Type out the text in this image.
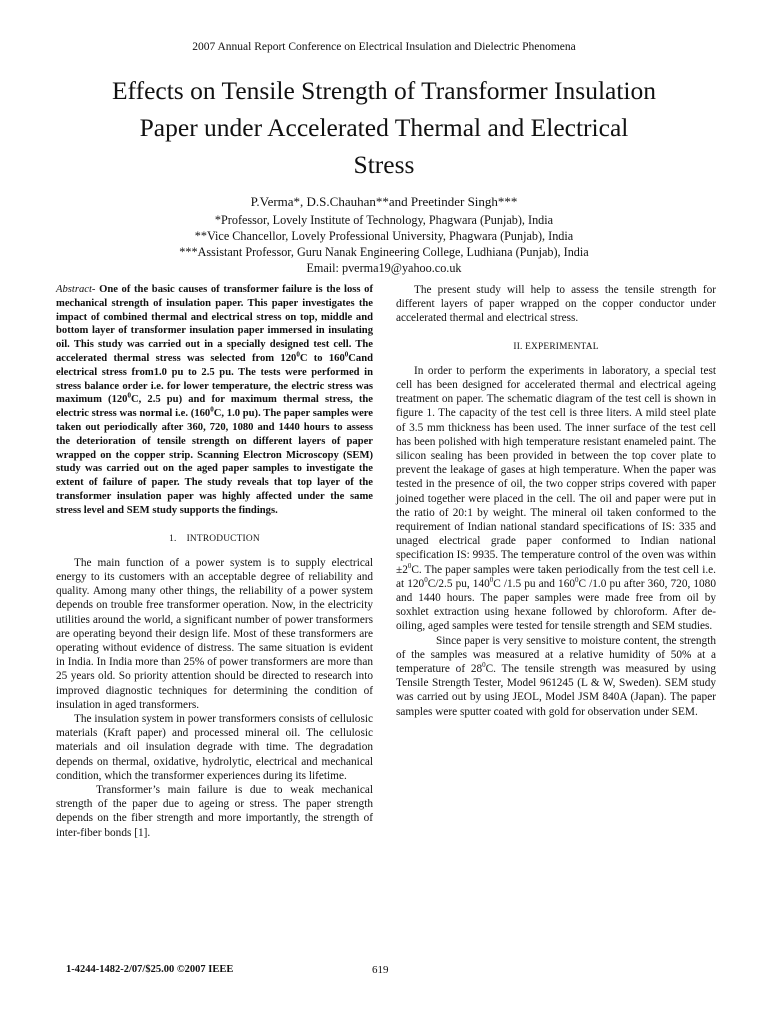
2007 Annual Report Conference on Electrical Insulation and Dielectric Phenomena
Effects on Tensile Strength of Transformer Insulation
Paper under Accelerated Thermal and Electrical
Stress
P.Verma*, D.S.Chauhan**and Preetinder Singh***
*Professor, Lovely Institute of Technology, Phagwara (Punjab), India
**Vice Chancellor, Lovely Professional University, Phagwara (Punjab), India
***Assistant Professor, Guru Nanak Engineering College, Ludhiana (Punjab), India
Email: pverma19@yahoo.co.uk

Abstract- One of the basic causes of transformer failure is the loss of mechanical strength of insulation paper. This paper investigates the impact of combined thermal and electrical stress on top, middle and bottom layer of transformer insulation paper immersed in insulating oil. This study was carried out in a specially designed test cell. The accelerated thermal stress was selected from $120^0C$ to $160^0Cand$ electrical stress from1.0 pu to 2.5 pu. The tests were performed in stress balance order i.e. for lower temperature, the electric stress was maximum ($120^0C$, 2.5 pu) and for maximum thermal stress, the electric stress was normal i.e. ($160^0C$, 1.0 pu). The paper samples were taken out periodically after 360, 720, 1080 and 1440 hours to assess the deterioration of tensile strength on different layers of paper wrapped on the copper strip. Scanning Electron Microscopy (SEM) study was carried out on the aged paper samples to investigate the extent of failure of paper. The study reveals that top layer of the transformer insulation paper was highly affected under the same stress level and SEM study supports the findings.

1. INTRODUCTION

The main function of a power system is to supply electrical energy to its customers with an acceptable degree of reliability and quality. Among many other things, the reliability of a power system depends on trouble free transformer operation. Now, in the electricity utilities around the world, a significant number of power transformers are operating beyond their design life. Most of these transformers are operating without evidence of distress. The same situation is evident in India. In India more than 25% of power transformers are more than 25 years old. So priority attention should be directed to research into improved diagnostic techniques for determining the condition of insulation in aged transformers.

The insulation system in power transformers consists of cellulosic materials (Kraft paper) and processed mineral oil. The cellulosic materials and oil insulation degrade with time. The degradation depends on thermal, oxidative, hydrolytic, electrical and mechanical condition, which the transformer experiences during its lifetime.

Transformer’s main failure is due to weak mechanical strength of the paper due to ageing or stress. The paper strength depends on the fiber strength and more importantly, the strength of inter-fiber bonds [1].

The present study will help to assess the tensile strength for different layers of paper wrapped on the copper conductor under accelerated thermal and electrical stress.

II. EXPERIMENTAL

In order to perform the experiments in laboratory, a special test cell has been designed for accelerated thermal and electrical ageing treatment on paper. The schematic diagram of the test cell is shown in figure 1. The capacity of the test cell is three liters. A mild steel plate of 3.5 mm thickness has been used. The inner surface of the test cell has been polished with high temperature resistant enameled paint. The silicon sealing has been provided in between the top cover plate to prevent the leakage of gases at high temperature. When the paper was tested in the presence of oil, the two copper strips covered with paper joined together were placed in the cell. The oil and paper were put in the ratio of 20:1 by weight. The mineral oil taken conformed to the requirement of Indian national standard specifications of IS: 335 and unaged electrical grade paper conformed to Indian national specification IS: 9935. The temperature control of the oven was within $\pm 2^0C$. The paper samples were taken periodically from the test cell i.e. at $120^0C/2.5$ pu, $140^0C$ /1.5 pu and $160^0C$ /1.0 pu after 360, 720, 1080 and 1440 hours. The paper samples were made free from oil by soxhlet extraction using hexane followed by chloroform. After de-oiling, aged samples were tested for tensile strength and SEM studies.

Since paper is very sensitive to moisture content, the strength of the samples was measured at a relative humidity of 50% at a temperature of $28^0C$. The tensile strength was measured by using Tensile Strength Tester, Model 961245 (L & W, Sweden). SEM study was carried out by using JEOL, Model JSM 840A (Japan). The paper samples were sputter coated with gold for observation under SEM.

1-4244-1482-2/07/$25.00 ©2007 IEEE	619
